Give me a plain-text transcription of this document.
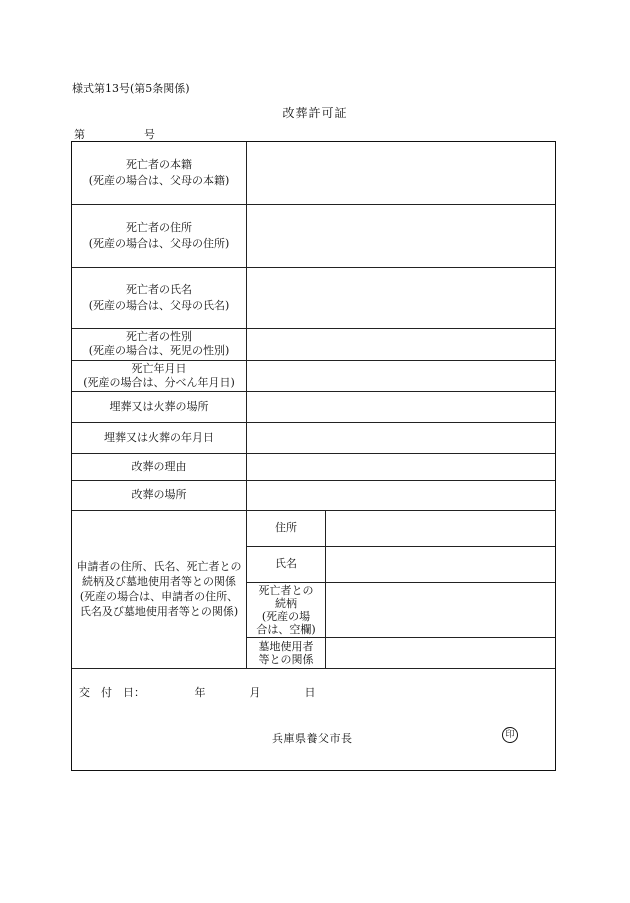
様式第13号(第5条関係)
改葬許可証
第	号
死亡者の本籍
(死産の場合は、父母の本籍)
死亡者の住所
(死産の場合は、父母の住所)
死亡者の氏名
(死産の場合は、父母の氏名)
死亡者の性別
(死産の場合は、死児の性別)
死亡年月日
(死産の場合は、分べん年月日)
埋葬又は火葬の場所
埋葬又は火葬の年月日
改葬の理由
改葬の場所
申請者の住所、氏名、死亡者との
続柄及び墓地使用者等との関係
(死産の場合は、申請者の住所、
氏名及び墓地使用者等との関係)
住所
氏名
死亡者との
続柄
(死産の場
合は、空欄)
墓地使用者
等との関係
交　付　日：　　　　　年　　　　月　　　　日
兵庫県養父市長	印
